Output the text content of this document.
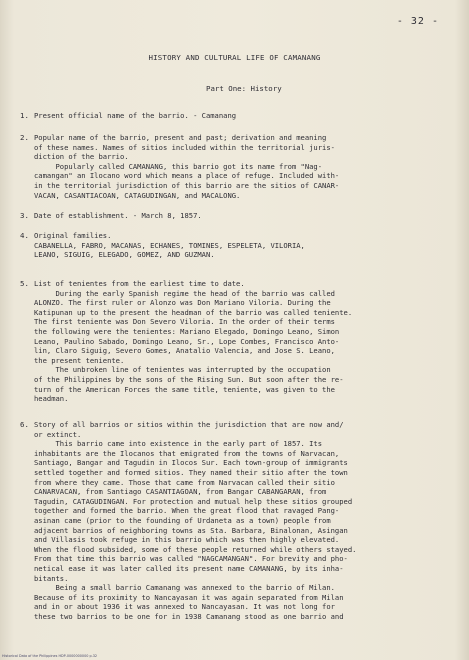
- 32 -
HISTORY AND CULTURAL LIFE OF CAMANANG
Part One: History
1. Present official name of the barrio. - Camanang
2. Popular name of the barrio, present and past; derivation and meaning
of these names. Names of sitios included within the territorial juris-
diction of the barrio.
Popularly called CAMANANG, this barrio got its name from "Nag-
camangan" an Ilocano word which means a place of refuge. Included with-
in the territorial jurisdiction of this barrio are the sitios of CANAR-
VACAN, CASANTIACOAN, CATAGUDINGAN, and MACALONG.
3. Date of establishment. - March 8, 1857.
4. Original families.
CABANELLA, FABRO, MACANAS, ECHANES, TOMINES, ESPELETA, VILORIA,
LEANO, SIGUIG, ELEGADO, GOMEZ, AND GUZMAN.
5. List of tenientes from the earliest time to date.
During the early Spanish regime the head of the barrio was called
ALONZO. The first ruler or Alonzo was Don Mariano Viloria. During the
Katipunan up to the present the headman of the barrio was called teniente.
The first teniente was Don Severo Viloria. In the order of their terms
the following were the tenientes: Mariano Elegado, Domingo Leano, Simon
Leano, Paulino Sabado, Domingo Leano, Sr., Lope Combes, Francisco Anto-
lin, Claro Siguig, Severo Gomes, Anatalio Valencia, and Jose S. Leano,
the present teniente.
The unbroken line of tenientes was interrupted by the occupation
of the Philippines by the sons of the Rising Sun. But soon after the re-
turn of the American Forces the same title, teniente, was given to the
headman.
6. Story of all barrios or sitios within the jurisdiction that are now and/
or extinct.
This barrio came into existence in the early part of 1857. Its
inhabitants are the Ilocanos that emigrated from the towns of Narvacan,
Santiago, Bangar and Tagudin in Ilocos Sur. Each town-group of immigrants
settled together and formed sitios. They named their sitio after the town
from where they came. Those that came from Narvacan called their sitio
CANARVACAN, from Santiago CASANTIAGOAN, from Bangar CABANGARAN, from
Tagudin, CATAGUDINGAN. For protection and mutual help these sitios grouped
together and formed the barrio. When the great flood that ravaged Pang-
asinan came (prior to the founding of Urdaneta as a town) people from
adjacent barrios of neighboring towns as Sta. Barbara, Binalonan, Asingan
and Villasis took refuge in this barrio which was then highly elevated.
When the flood subsided, some of these people returned while others stayed.
From that time this barrio was called "NAGCAMANGAN". For brevity and pho-
netical ease it was later called its present name CAMANANG, by its inha-
bitants.
Being a small barrio Camanang was annexed to the barrio of Milan.
Because of its proximity to Nancayasan it was again separated from Milan
and in or about 1936 it was annexed to Nancayasan. It was not long for
these two barrios to be one for in 1938 Camanang stood as one barrio and
Historical Data of the Philippines HDP-0000000000 p.32
